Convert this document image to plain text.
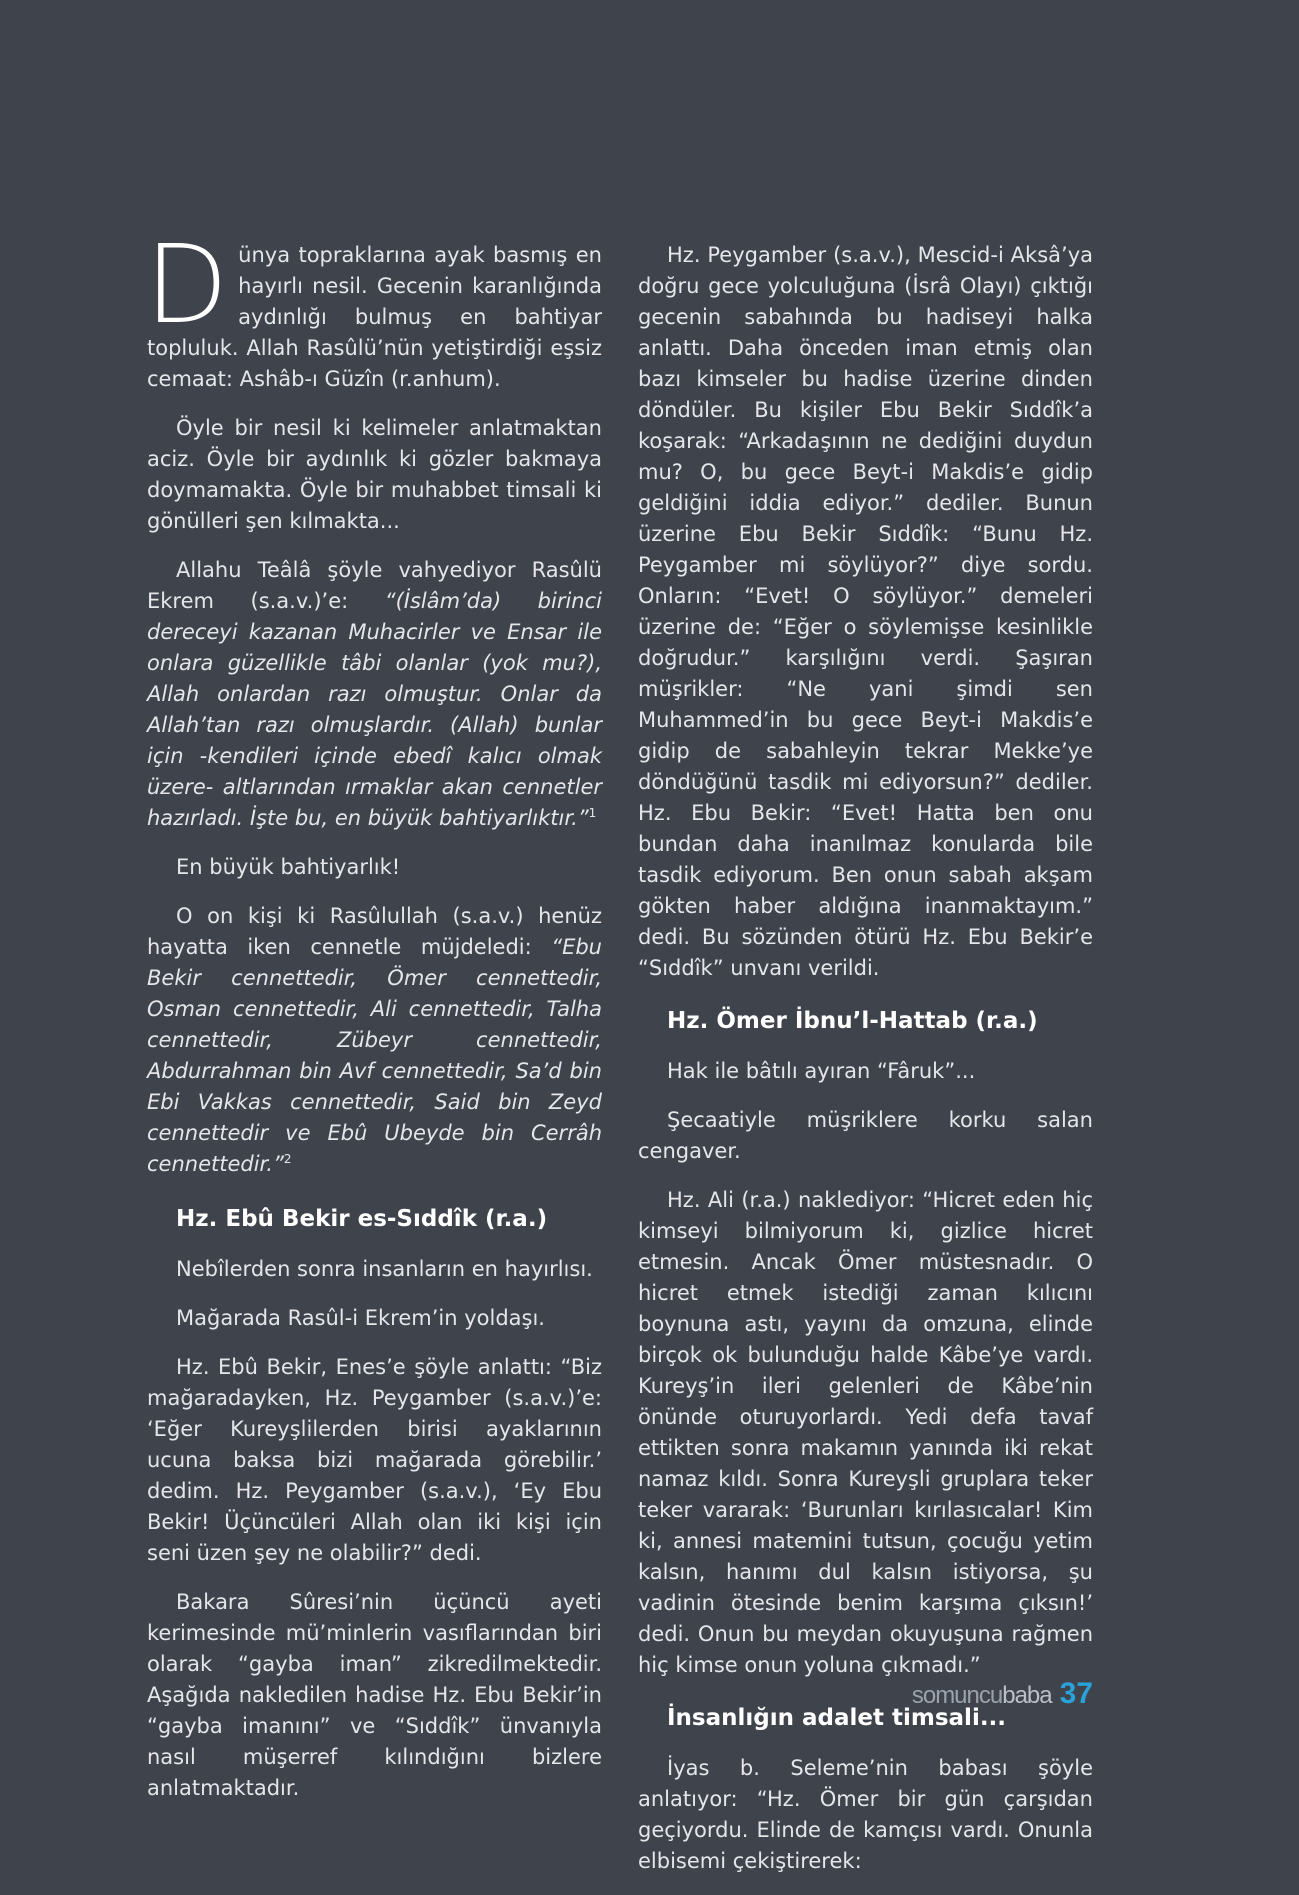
Dünya topraklarına ayak basmış en hayırlı nesil. Gecenin karanlığında aydınlığı bulmuş en bahtiyar topluluk. Allah Rasûlü’nün yetiştirdiği eşsiz cemaat: Ashâb-ı Güzîn (r.anhum).

Öyle bir nesil ki kelimeler anlatmaktan aciz. Öyle bir aydınlık ki gözler bakmaya doymamakta. Öyle bir muhabbet timsali ki gönülleri şen kılmakta...

Allahu Teâlâ şöyle vahyediyor Rasûlü Ekrem (s.a.v.)’e: “(İslâm’da) birinci dereceyi kazanan Muhacirler ve Ensar ile onlara güzellikle tâbi olanlar (yok mu?), Allah onlardan razı olmuştur. Onlar da Allah’tan razı olmuşlardır. (Allah) bunlar için -kendileri içinde ebedî kalıcı olmak üzere- altlarından ırmaklar akan cennetler hazırladı. İşte bu, en büyük bahtiyarlıktır.”$^1$

En büyük bahtiyarlık!

O on kişi ki Rasûlullah (s.a.v.) henüz hayatta iken cennetle müjdeledi: “Ebu Bekir cennettedir, Ömer cennettedir, Osman cennettedir, Ali cennettedir, Talha cennettedir, Zübeyr cennettedir, Abdurrahman bin Avf cennettedir, Sa’d bin Ebi Vakkas cennettedir, Said bin Zeyd cennettedir ve Ebû Ubeyde bin Cerrâh cennettedir.”$^2$

Hz. Ebû Bekir es-Sıddîk (r.a.)

Nebîlerden sonra insanların en hayırlısı.

Mağarada Rasûl-i Ekrem’in yoldaşı.

Hz. Ebû Bekir, Enes’e şöyle anlattı: “Biz mağaradayken, Hz. Peygamber (s.a.v.)’e: ‘Eğer Kureyşlilerden birisi ayaklarının ucuna baksa bizi mağarada görebilir.’ dedim. Hz. Peygamber (s.a.v.), ‘Ey Ebu Bekir! Üçüncüleri Allah olan iki kişi için seni üzen şey ne olabilir?” dedi.

Bakara Sûresi’nin üçüncü ayeti kerimesinde mü’minlerin vasıflarından biri olarak “gayba iman” zikredilmektedir. Aşağıda nakledilen hadise Hz. Ebu Bekir’in “gayba imanını” ve “Sıddîk” ünvanıyla nasıl müşerref kılındığını bizlere anlatmaktadır.

Hz. Peygamber (s.a.v.), Mescid-i Aksâ’ya doğru gece yolculuğuna (İsrâ Olayı) çıktığı gecenin sabahında bu hadiseyi halka anlattı. Daha önceden iman etmiş olan bazı kimseler bu hadise üzerine dinden döndüler. Bu kişiler Ebu Bekir Sıddîk’a koşarak: “Arkadaşının ne dediğini duydun mu? O, bu gece Beyt-i Makdis’e gidip geldiğini iddia ediyor.” dediler. Bunun üzerine Ebu Bekir Sıddîk: “Bunu Hz. Peygamber mi söylüyor?” diye sordu. Onların: “Evet! O söylüyor.” demeleri üzerine de: “Eğer o söylemişse kesinlikle doğrudur.” karşılığını verdi. Şaşıran müşrikler: “Ne yani şimdi sen Muhammed’in bu gece Beyt-i Makdis’e gidip de sabahleyin tekrar Mekke’ye döndüğünü tasdik mi ediyorsun?” dediler. Hz. Ebu Bekir: “Evet! Hatta ben onu bundan daha inanılmaz konularda bile tasdik ediyorum. Ben onun sabah akşam gökten haber aldığına inanmaktayım.” dedi. Bu sözünden ötürü Hz. Ebu Bekir’e “Sıddîk” unvanı verildi.

Hz. Ömer İbnu’l-Hattab (r.a.)

Hak ile bâtılı ayıran “Fâruk”...

Şecaatiyle müşriklere korku salan cengaver.

Hz. Ali (r.a.) naklediyor: “Hicret eden hiç kimseyi bilmiyorum ki, gizlice hicret etmesin. Ancak Ömer müstesnadır. O hicret etmek istediği zaman kılıcını boynuna astı, yayını da omzuna, elinde birçok ok bulunduğu halde Kâbe’ye vardı. Kureyş’in ileri gelenleri de Kâbe’nin önünde oturuyorlardı. Yedi defa tavaf ettikten sonra makamın yanında iki rekat namaz kıldı. Sonra Kureyşli gruplara teker teker vararak: ‘Burunları kırılasıcalar! Kim ki, annesi matemini tutsun, çocuğu yetim kalsın, hanımı dul kalsın istiyorsa, şu vadinin ötesinde benim karşıma çıksın!’ dedi. Onun bu meydan okuyuşuna rağmen hiç kimse onun yoluna çıkmadı.”

İnsanlığın adalet timsali...

İyas b. Seleme’nin babası şöyle anlatıyor: “Hz. Ömer bir gün çarşıdan geçiyordu. Elinde de kamçısı vardı. Onunla elbisemi çekiştirerek:

somuncubaba 37
